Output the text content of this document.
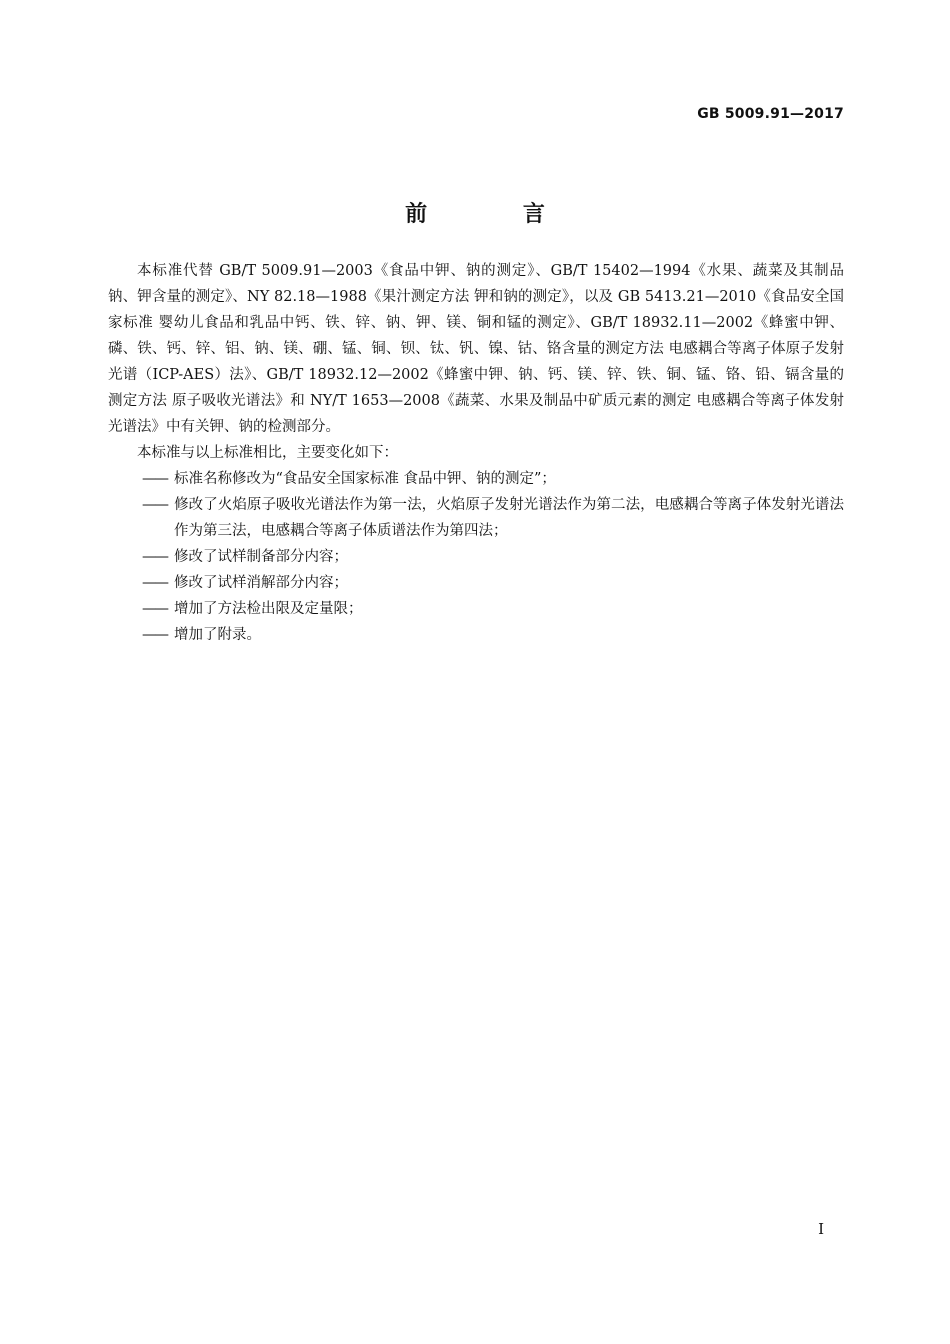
GB 5009.91—2017
前 言

本标准代替 GB/T 5009.91—2003《食品中钾、钠的测定》、GB/T 15402—1994《水果、蔬菜及其制品 钠、钾含量的测定》、NY 82.18—1988《果汁测定方法 钾和钠的测定》，以及 GB 5413.21—2010《食品安全国家标准 婴幼儿食品和乳品中钙、铁、锌、钠、钾、镁、铜和锰的测定》、GB/T 18932.11—2002《蜂蜜中钾、磷、铁、钙、锌、铝、钠、镁、硼、锰、铜、钡、钛、钒、镍、钴、铬含量的测定方法 电感耦合等离子体原子发射光谱（ICP-AES）法》、GB/T 18932.12—2002《蜂蜜中钾、钠、钙、镁、锌、铁、铜、锰、铬、铅、镉含量的测定方法 原子吸收光谱法》和 NY/T 1653—2008《蔬菜、水果及制品中矿质元素的测定 电感耦合等离子体发射光谱法》中有关钾、钠的检测部分。

本标准与以上标准相比，主要变化如下：

—— 标准名称修改为“食品安全国家标准 食品中钾、钠的测定”；
—— 修改了火焰原子吸收光谱法作为第一法，火焰原子发射光谱法作为第二法，电感耦合等离子体发射光谱法作为第三法，电感耦合等离子体质谱法作为第四法；
—— 修改了试样制备部分内容；
—— 修改了试样消解部分内容；
—— 增加了方法检出限及定量限；
—— 增加了附录。
I
